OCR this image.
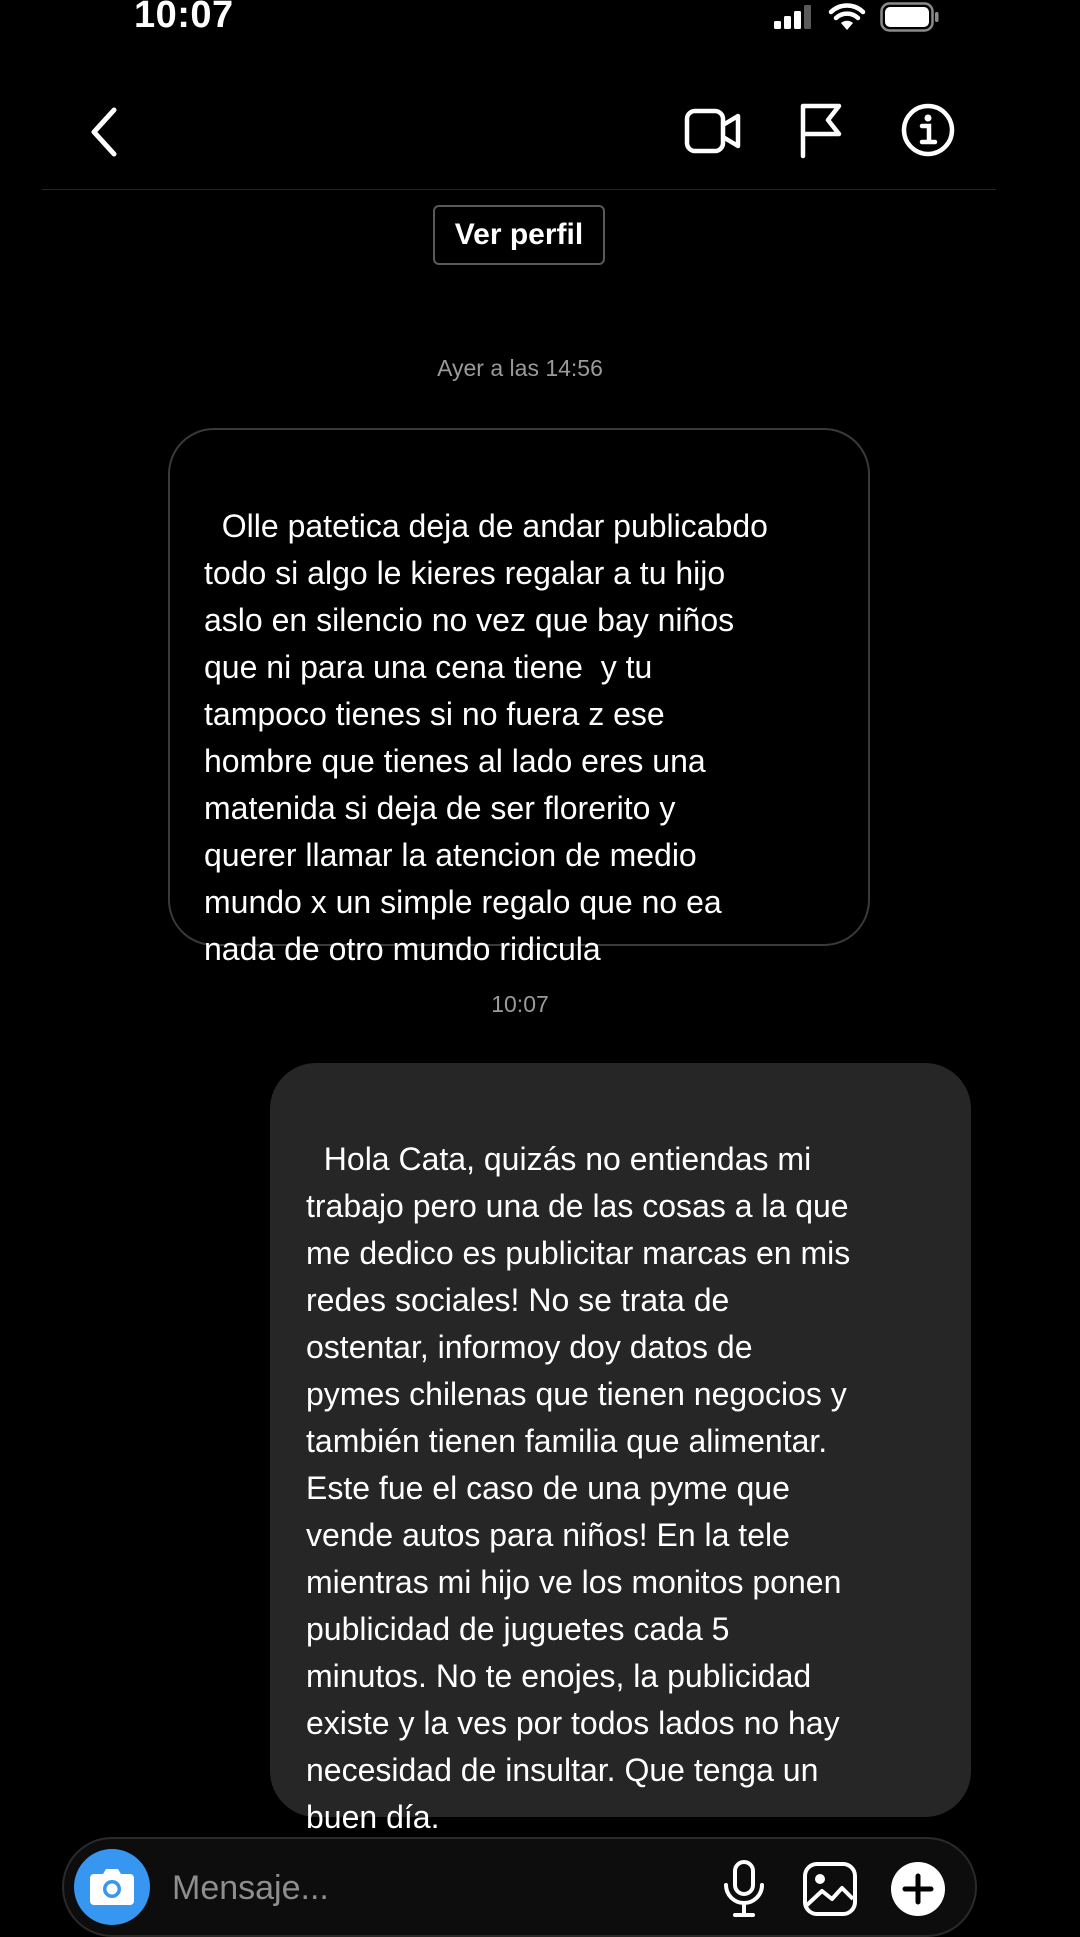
10:07
Ver perfil
Ayer a las 14:56

Olle patetica deja de andar publicabdo
todo si algo le kieres regalar a tu hijo
aslo en silencio no vez que bay niños
que ni para una cena tiene  y tu
tampoco tienes si no fuera z ese
hombre que tienes al lado eres una
matenida si deja de ser florerito y
querer llamar la atencion de medio
mundo x un simple regalo que no ea
nada de otro mundo ridicula

10:07

Hola Cata, quizás no entiendas mi
trabajo pero una de las cosas a la que
me dedico es publicitar marcas en mis
redes sociales! No se trata de
ostentar, informoy doy datos de
pymes chilenas que tienen negocios y
también tienen familia que alimentar.
Este fue el caso de una pyme que
vende autos para niños! En la tele
mientras mi hijo ve los monitos ponen
publicidad de juguetes cada 5
minutos. No te enojes, la publicidad
existe y la ves por todos lados no hay
necesidad de insultar. Que tenga un
buen día.

Mensaje...
